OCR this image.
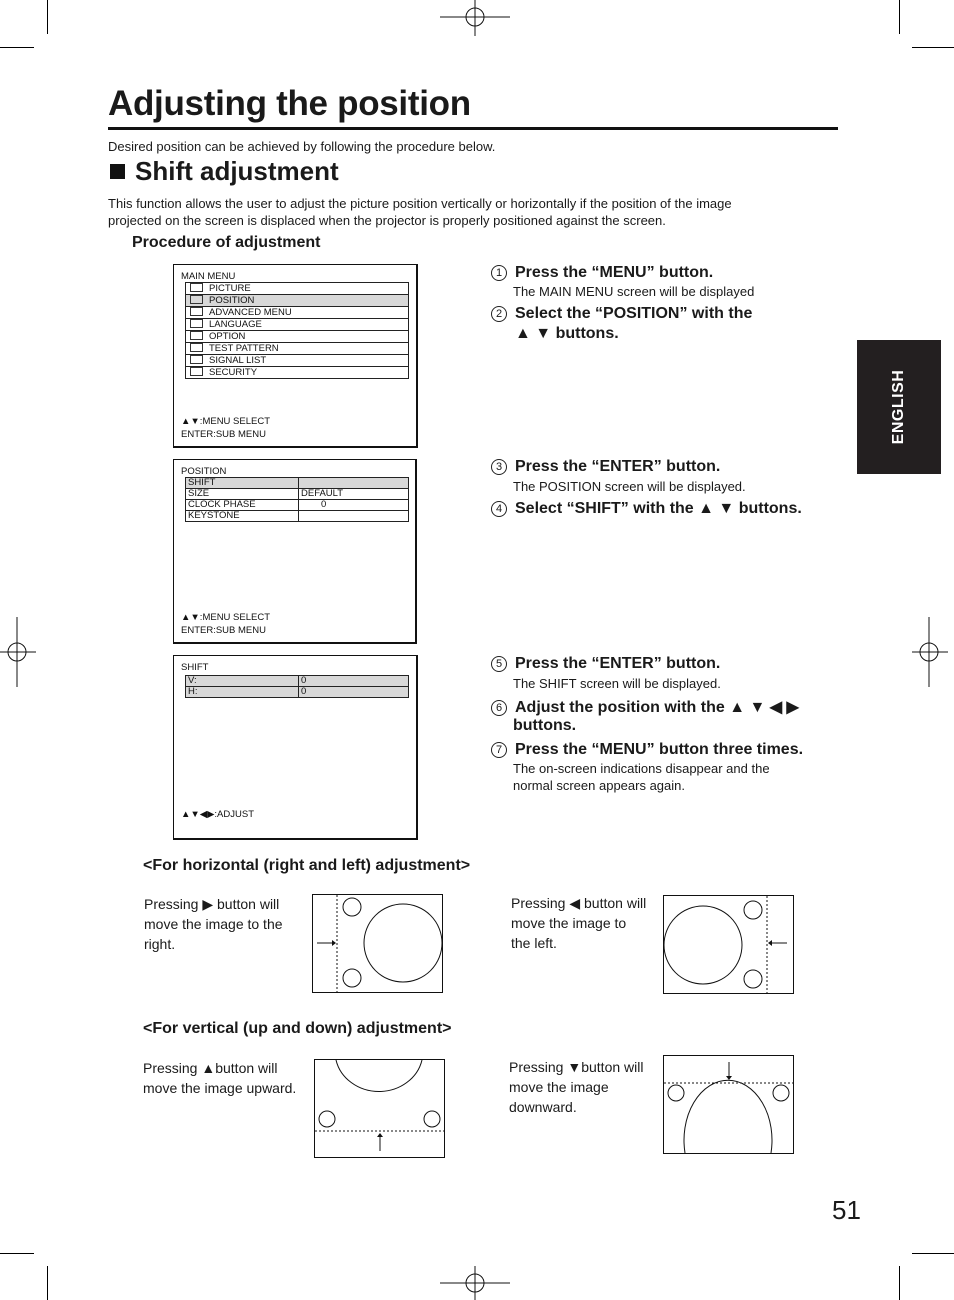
Adjusting the position
Desired position can be achieved by following the procedure below.
Shift adjustment
This function allows the user to adjust the picture position vertically or horizontally if the position of the image
projected on the screen is displaced when the projector is properly positioned against the screen.
Procedure of adjustment
ENGLISH
MAIN MENU
PICTURE
POSITION
ADVANCED MENU
LANGUAGE
OPTION
TEST PATTERN
SIGNAL LIST
SECURITY
▲▼:MENU SELECT
ENTER:SUB MENU
POSITION
SHIFT	
SIZE	DEFAULT
CLOCK PHASE	0
KEYSTONE	
▲▼:MENU SELECT
ENTER:SUB MENU
SHIFT
V:	0
H:	0
▲▼◀▶:ADJUST
1 Press the “MENU” button.
The MAIN MENU screen will be displayed
2 Select the “POSITION” with the
▲ ▼ buttons.
3 Press the “ENTER” button.
The POSITION screen will be displayed.
4 Select “SHIFT” with the ▲ ▼ buttons.
5 Press the “ENTER” button.
The SHIFT screen will be displayed.
6 Adjust the position with the ▲ ▼ ◀ ▶
buttons.
7 Press the “MENU” button three times.
The on-screen indications disappear and the
normal screen appears again.
<For horizontal (right and left) adjustment>
Pressing ▶ button will
move the image to the
right.
Pressing ◀ button will
move the image to
the left.
<For vertical (up and down) adjustment>
Pressing ▲button will
move the image upward.
Pressing ▼button will
move the image
downward.
51
